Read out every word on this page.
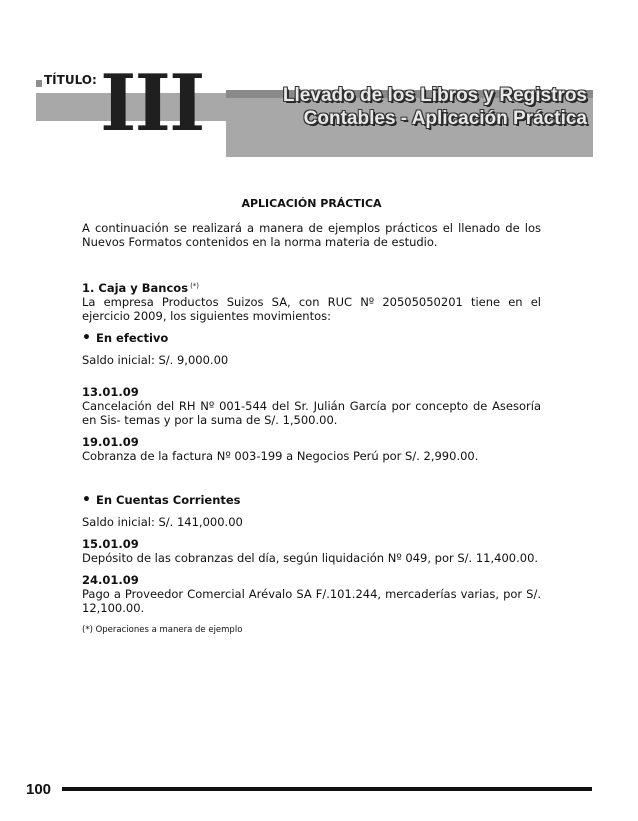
TÍTULO: III	Llevado de los Libros y Registros
Contables - Aplicación Práctica
APLICACIÓN PRÁCTICA

A continuación se realizará a manera de ejemplos prácticos el llenado de los Nuevos Formatos contenidos en la norma materia de estudio.

1. Caja y Bancos (*)

La empresa Productos Suizos SA, con RUC Nº 20505050201 tiene en el ejercicio 2009, los siguientes movimientos:

• En efectivo

Saldo inicial: S/. 9,000.00

13.01.09

Cancelación del RH Nº 001-544 del Sr. Julián García por concepto de Asesoría en Sis- temas y por la suma de S/. 1,500.00.

19.01.09

Cobranza de la factura Nº 003-199 a Negocios Perú por S/. 2,990.00.

• En Cuentas Corrientes

Saldo inicial: S/. 141,000.00

15.01.09

Depósito de las cobranzas del día, según liquidación Nº 049, por S/. 11,400.00.

24.01.09

Pago a Proveedor Comercial Arévalo SA F/.101.244, mercaderías varias, por S/. 12,100.00.

(*) Operaciones a manera de ejemplo

100
